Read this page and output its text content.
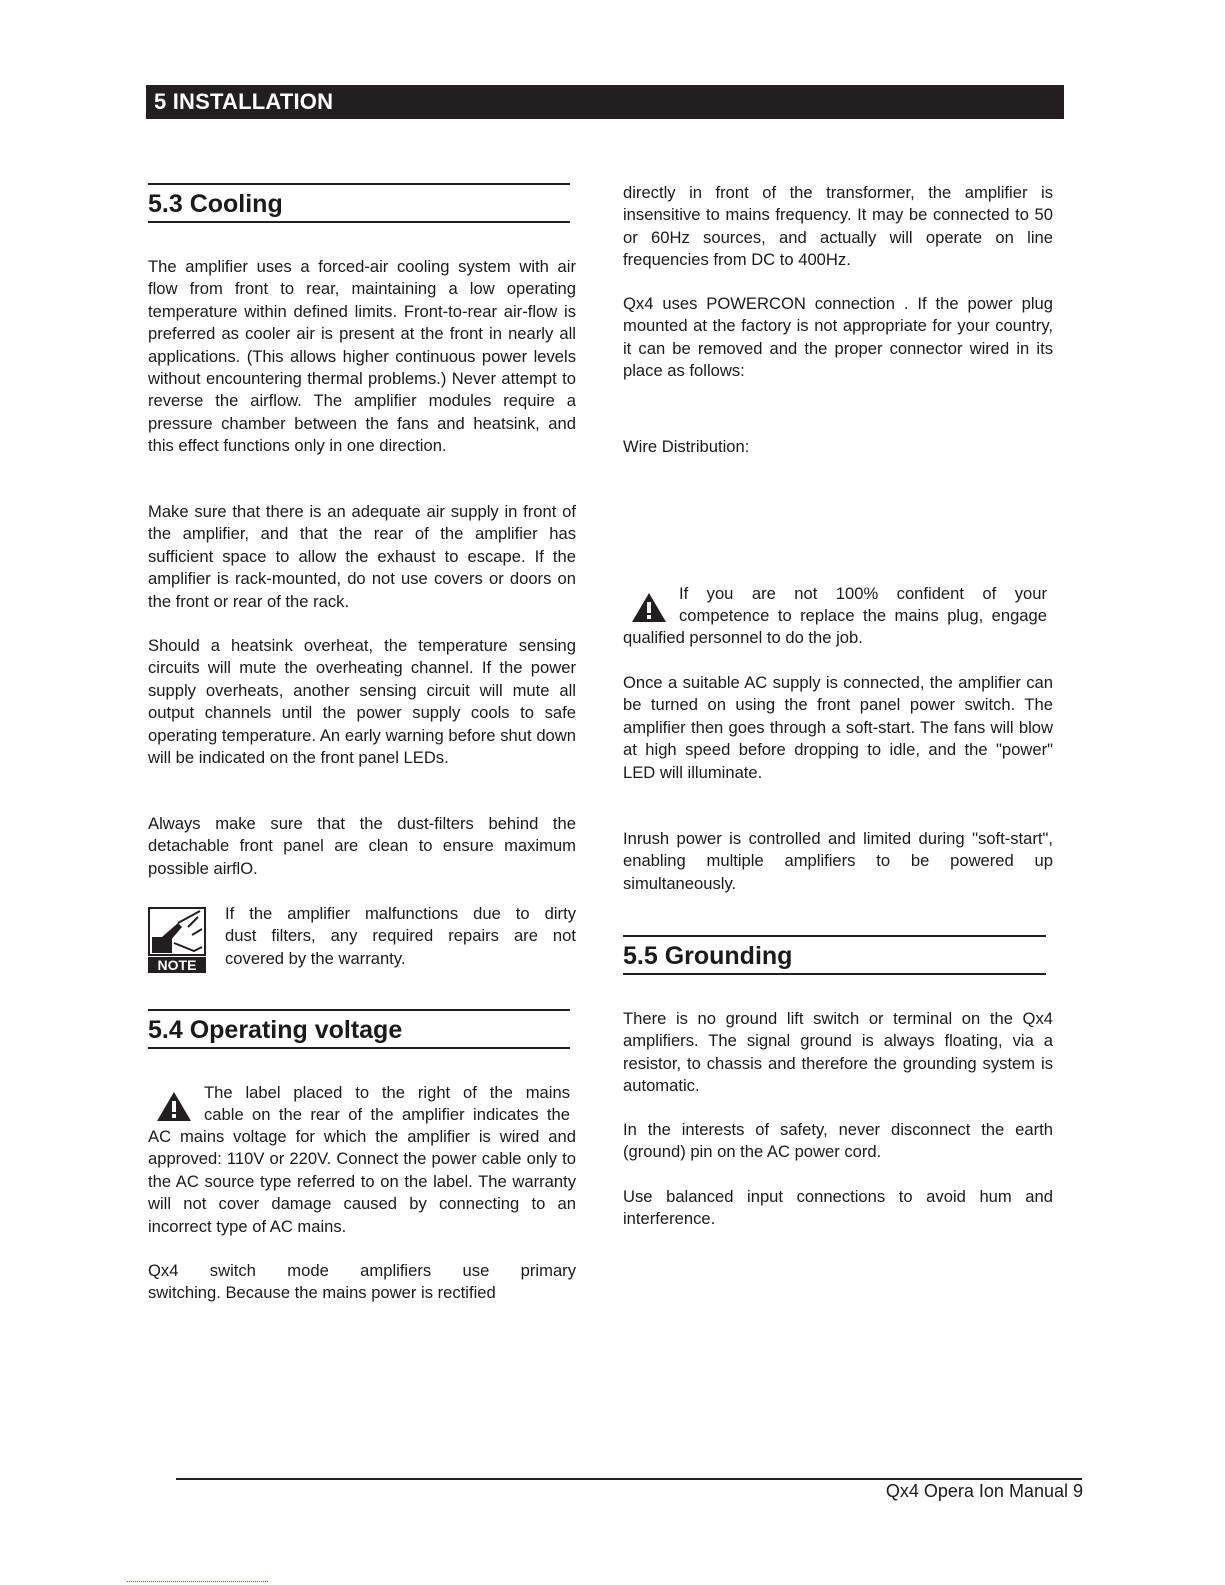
5 INSTALLATION
5.3 Cooling

The amplifier uses a forced-air cooling system with air flow from front to rear, maintaining a low operating temperature within defined limits. Front-to-rear air-flow is preferred as cooler air is present at the front in nearly all applications. (This allows higher continuous power levels without encountering thermal problems.) Never attempt to reverse the airflow. The amplifier modules require a pressure chamber between the fans and heatsink, and this effect functions only in one direction.

Make sure that there is an adequate air supply in front of the amplifier, and that the rear of the amplifier has sufficient space to allow the exhaust to escape. If the amplifier is rack-mounted, do not use covers or doors on the front or rear of the rack.

Should a heatsink overheat, the temperature sensing circuits will mute the overheating channel. If the power supply overheats, another sensing circuit will mute all output channels until the power supply cools to safe operating temperature. An early warning before shut down will be indicated on the front panel LEDs.

Always make sure that the dust-filters behind the detachable front panel are clean to ensure maximum possible airflO.

NOTE
If the amplifier malfunctions due to dirty
dust filters, any required repairs are not
covered by the warranty.
5.4 Operating voltage
The label placed to the right of the mains
cable on the rear of the amplifier indicates the

AC mains voltage for which the amplifier is wired and approved: 110V or 220V. Connect the power cable only to the AC source type referred to on the label. The warranty will not cover damage caused by connecting to an incorrect type of AC mains.

Qx4 switch mode amplifiers use primary
switching. Because the mains power is rectified

directly in front of the transformer, the amplifier is insensitive to mains frequency. It may be connected to 50 or 60Hz sources, and actually will operate on line frequencies from DC to 400Hz.

Qx4 uses POWERCON connection . If the power plug mounted at the factory is not appropriate for your country, it can be removed and the proper connector wired in its place as follows:

Wire Distribution:

If you are not 100% confident of your
competence to replace the mains plug, engage

qualified personnel to do the job.

Once a suitable AC supply is connected, the amplifier can be turned on using the front panel power switch. The amplifier then goes through a soft-start. The fans will blow at high speed before dropping to idle, and the "power" LED will illuminate.

Inrush power is controlled and limited during "soft-start", enabling multiple amplifiers to be powered up simultaneously.

5.5 Grounding

There is no ground lift switch or terminal on the Qx4 amplifiers. The signal ground is always floating, via a resistor, to chassis and therefore the grounding system is automatic.

In the interests of safety, never disconnect the earth (ground) pin on the AC power cord.

Use balanced input connections to avoid hum and interference.

Qx4 Opera Ion Manual 9
